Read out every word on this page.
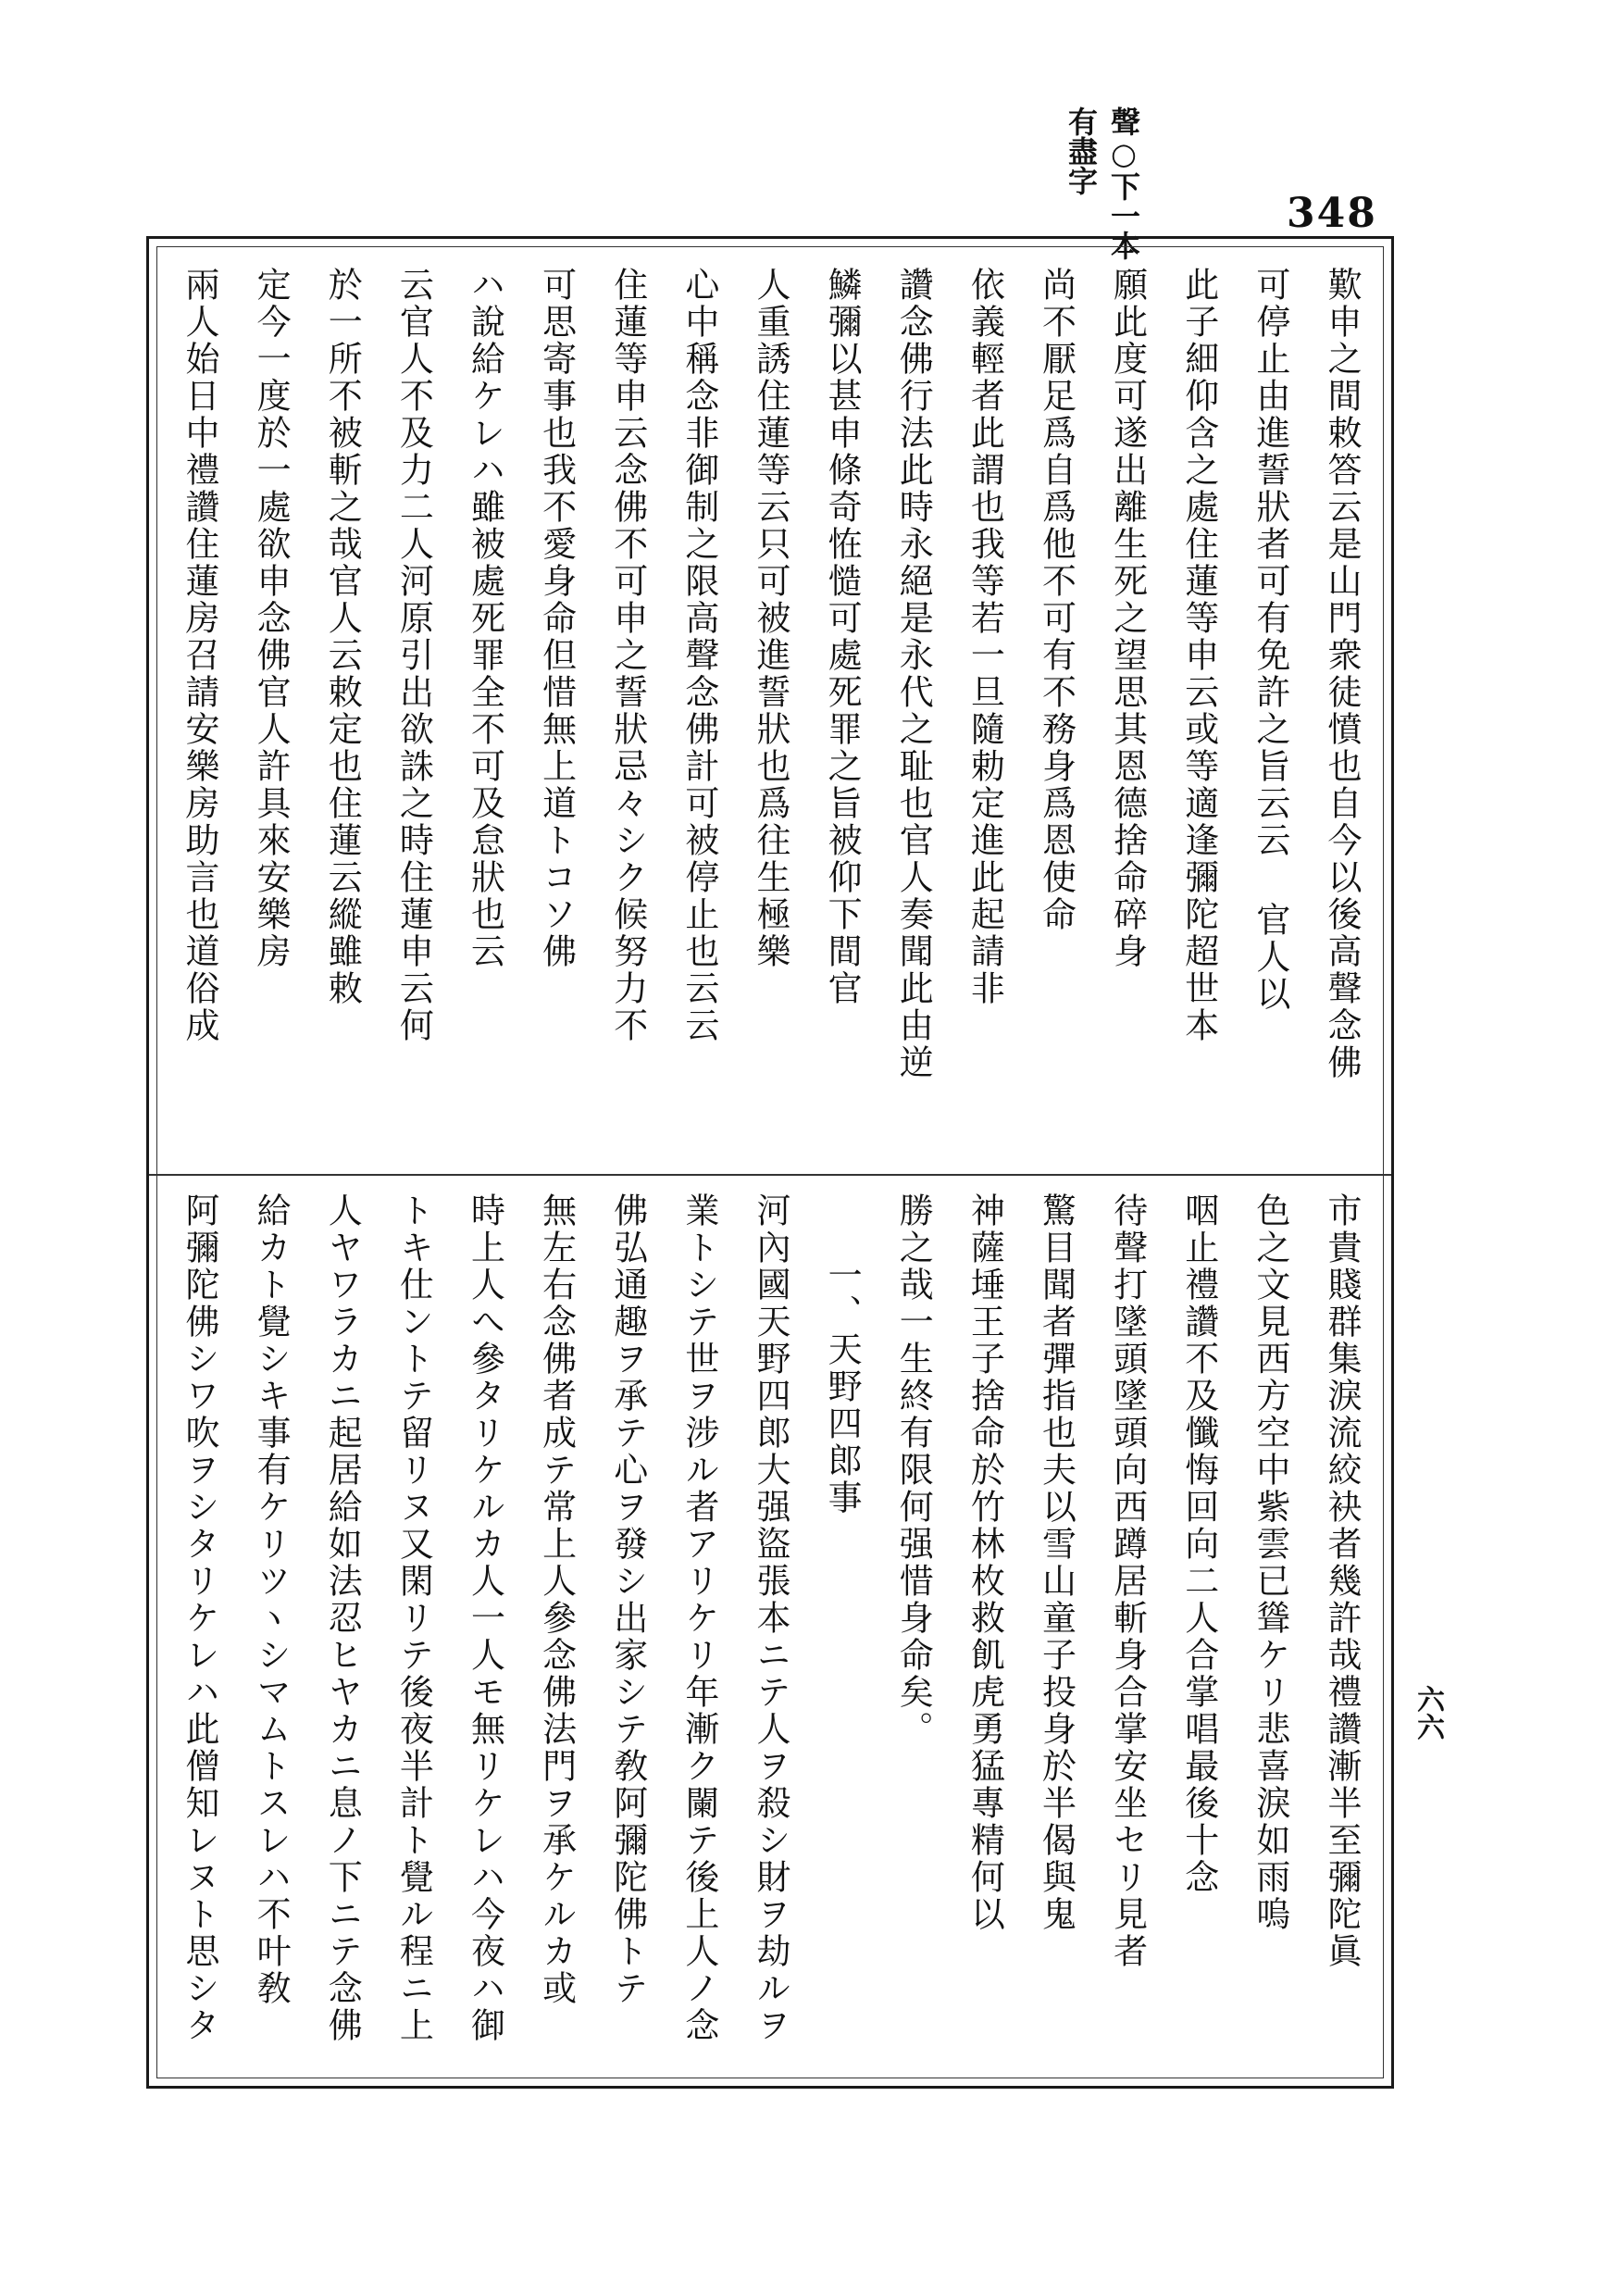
348
聲○下一本
有盡字
六六
歎申之間敕答云是山門衆徒憤也自今以後高聲念佛
可停止由進誓狀者可有免許之旨云云 官人以
此子細仰含之處住蓮等申云或等適逢彌陀超世本
願此度可遂出離生死之望思其恩德捨命碎身
尚不厭足爲自爲他不可有不務身爲恩使命
依義輕者此謂也我等若一旦隨勅定進此起請非
讚念佛行法此時永絕是永代之耻也官人奏聞此由逆
鱗彌以甚申條奇恠慥可處死罪之旨被仰下間官
人重誘住蓮等云只可被進誓狀也爲往生極樂
心中稱念非御制之限高聲念佛計可被停止也云云
住蓮等申云念佛不可申之誓狀忌々シク候努力不
可思寄事也我不愛身命但惜無上道トコソ佛
ハ說給ケレハ雖被處死罪全不可及怠狀也云
云官人不及力二人河原引出欲誅之時住蓮申云何
於一所不被斬之哉官人云敕定也住蓮云縱雖敕
定今一度於一處欲申念佛官人許具來安樂房
兩人始日中禮讚住蓮房召請安樂房助言也道俗成
市貴賤群集淚流絞袂者幾許哉禮讚漸半至彌陀眞
色之文見西方空中紫雲已聳ケリ悲喜淚如雨嗚
咽止禮讚不及懺悔回向二人合掌唱最後十念
待聲打墜頭墜頭向西蹲居斬身合掌安坐セリ見者
驚目聞者彈指也夫以雪山童子投身於半偈與鬼
神薩埵王子捨命於竹林枚救飢虎勇猛專精何以
勝之哉一生終有限何强惜身命矣。
一、天野四郎事
河內國天野四郎大强盜張本ニテ人ヲ殺シ財ヲ劫ルヲ
業トシテ世ヲ涉ル者アリケリ年漸ク闌テ後上人ノ念
佛弘通趣ヲ承テ心ヲ發シ出家シテ敎阿彌陀佛トテ
無左右念佛者成テ常上人參念佛法門ヲ承ケルカ或
時上人へ參タリケルカ人一人モ無リケレハ今夜ハ御
トキ仕ントテ留リヌ又閑リテ後夜半計ト覺ル程ニ上
人ヤワラカニ起居給如法忍ヒヤカニ息ノ下ニテ念佛
給カト覺シキ事有ケリツヽシマムトスレハ不叶敎
阿彌陀佛シワ吹ヲシタリケレハ此僧知レヌト思シタ
